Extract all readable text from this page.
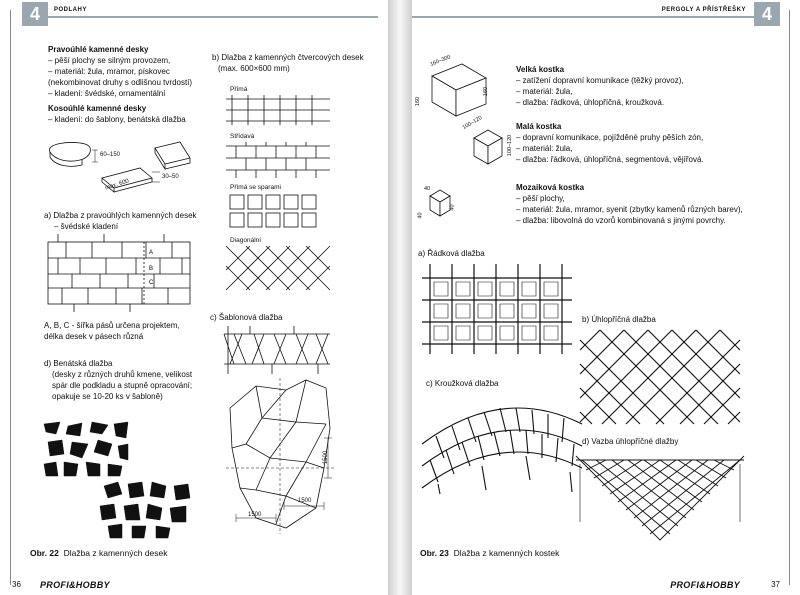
4	PODLAHY
Pravoúhlé kamenné desky
– pěší plochy se silným provozem,
– materiál: žula, mramor, pískovec
(nekombinovat druhy s odlišnou tvrdostí)
– kladení: švédské, ornamentální
Kosoúhlé kamenné desky
– kladení: do šablony, benátská dlažba
60–150
max. 600
30–50
a) Dlažba z pravoúhlých kamenných desek
– švédské kladení
A
B
C
A, B, C - šířka pásů určena projektem,
délka desek v pásech různá
d) Benátská dlažba
(desky z různých druhů kmene, velikost
spár dle podkladu a stupně opracování;
opakuje se 10-20 ks v šabloně)
b) Dlažba z kamenných čtvercových desek
(max. 600×600 mm)
Přímá
Střídavá
Přímá se sparami
Diagonální
c) Šablonová dlažba
1500
1500
1500
Obr. 22 Dlažba z kamenných desek
36 PROFI&HOBBY
PERGOLY A PŘÍSTŘEŠKY 4
160–300
160
160
100–120
100–120
40
40
40
Velká kostka
– zatížení dopravní komunikace (těžký provoz),
– materiál: žula,
– dlažba: řádková, úhlopříčná, kroužková.
Malá kostka
– dopravní komunikace, pojížděné pruhy pěších zón,
– materiál: žula,
– dlažba: řádková, úhlopříčná, segmentová, vějířová.
Mozaiková kostka
– pěší plochy,
– materiál: žula, mramor, syenit (zbytky kamenů různých barev),
– dlažba: libovolná do vzorů kombinovaná s jinými povrchy.
a) Řádková dlažba
b) Úhlopříčná dlažba
c) Kroužková dlažba
d) Vazba úhlopříčné dlažby
Obr. 23 Dlažba z kamenných kostek
PROFI&HOBBY	37
